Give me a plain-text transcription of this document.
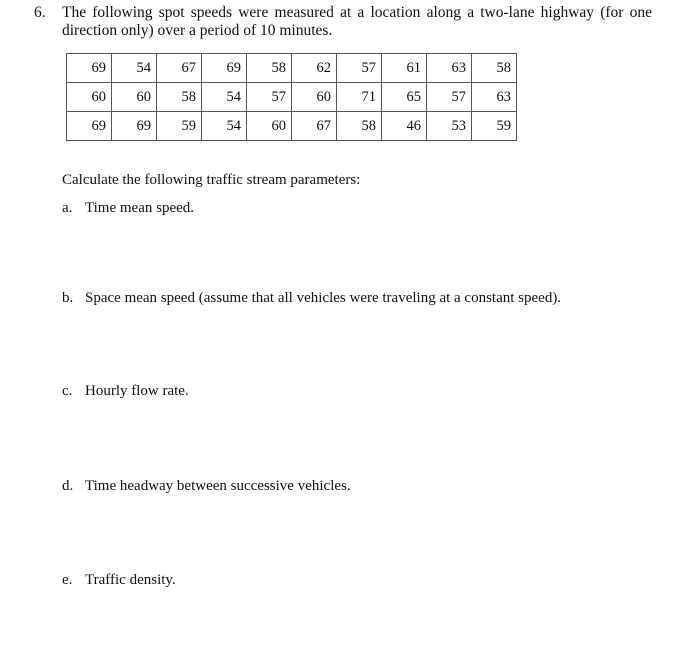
6. The following spot speeds were measured at a location along a two-lane highway (for one direction only) over a period of 10 minutes.
69	54	67	69	58	62	57	61	63	58
60	60	58	54	57	60	71	65	57	63
69	69	59	54	60	67	58	46	53	59
Calculate the following traffic stream parameters:
a. Time mean speed.
b. Space mean speed (assume that all vehicles were traveling at a constant speed).
c. Hourly flow rate.
d. Time headway between successive vehicles.
e. Traffic density.
